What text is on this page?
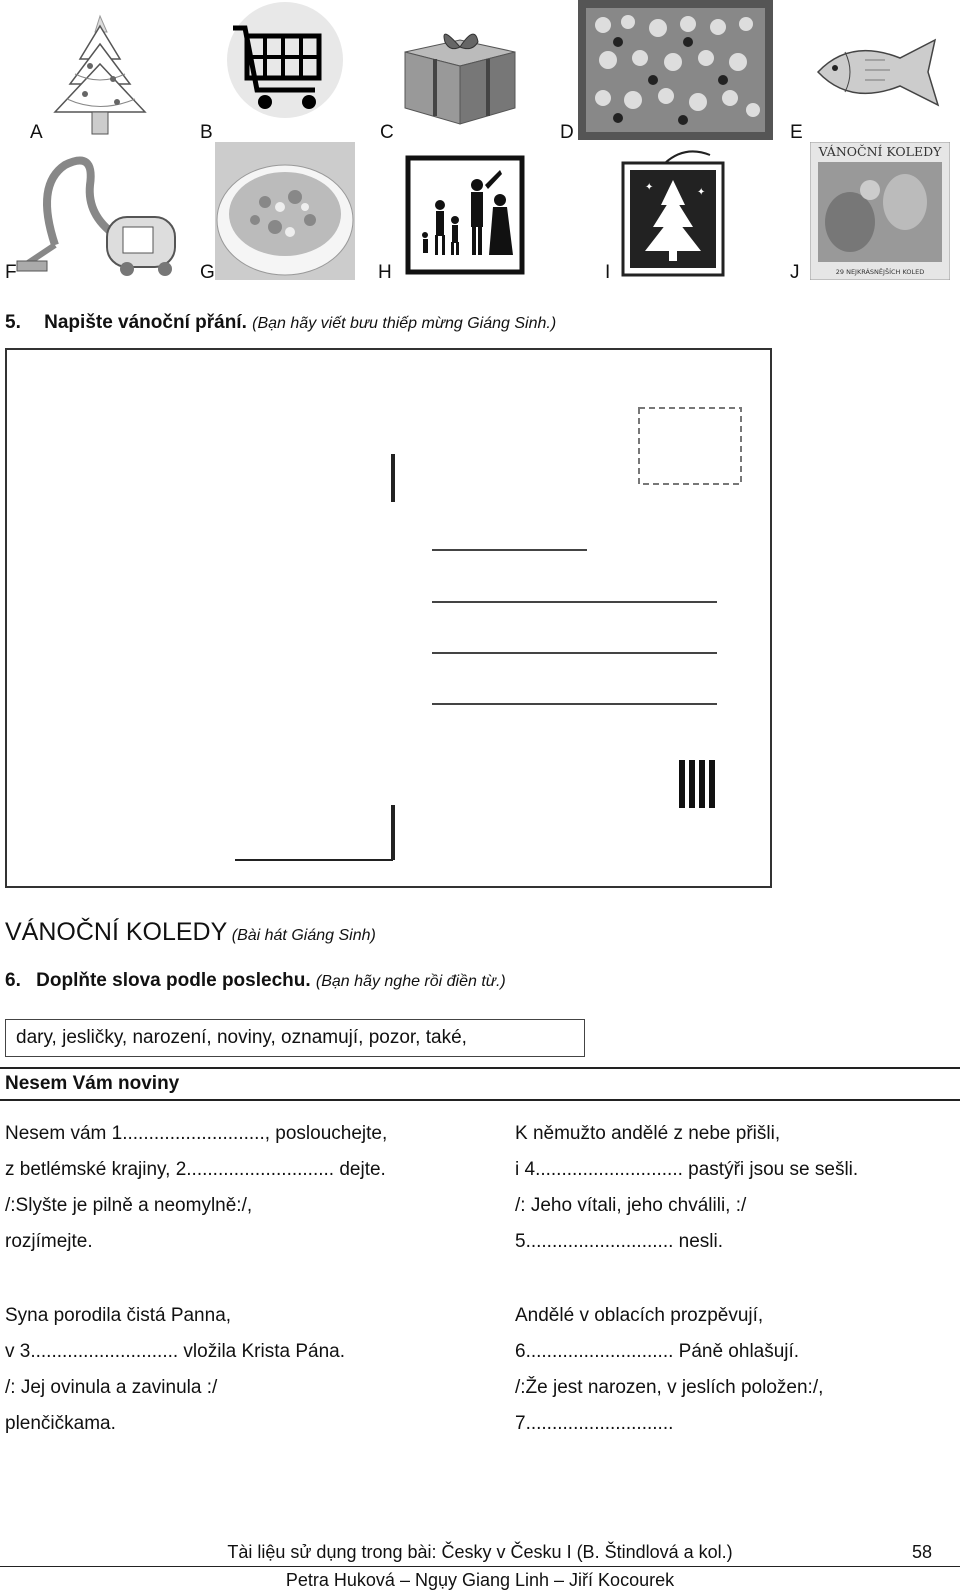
A	B	C	D	E
F	G	H
✦	✦
I
VÁNOČNÍ KOLEDY
29 NEJKRÁSNĚJŠÍCH KOLED
J
5. Napište vánoční přání. (Bạn hãy viết bưu thiếp mừng Giáng Sinh.)
VÁNOČNÍ KOLEDY (Bài hát Giáng Sinh)
6. Doplňte slova podle poslechu. (Bạn hãy nghe rồi điền từ.)
dary, jesličky, narození, noviny, oznamují, pozor, také,
Nesem Vám noviny
Nesem vám 1..........................., poslouchejte,
z betlémské krajiny, 2............................ dejte.
/:Slyšte je pilně a neomylně:/,
rozjímejte.
K němužto andělé z nebe přišli,
i 4............................ pastýři jsou se sešli.
/: Jeho vítali, jeho chválili, :/
5............................ nesli.
Syna porodila čistá Panna,
v 3............................ vložila Krista Pána.
/: Jej ovinula a zavinula :/
plenčičkama.
Andělé v oblacích prozpěvují,
6............................ Páně ohlašují.
/:Že jest narozen, v jeslích položen:/,
7............................
Tài liệu sử dụng trong bài: Česky v Česku I (B. Štindlová a kol.)	58
Petra Huková – Ngụy Giang Linh – Jiří Kocourek
